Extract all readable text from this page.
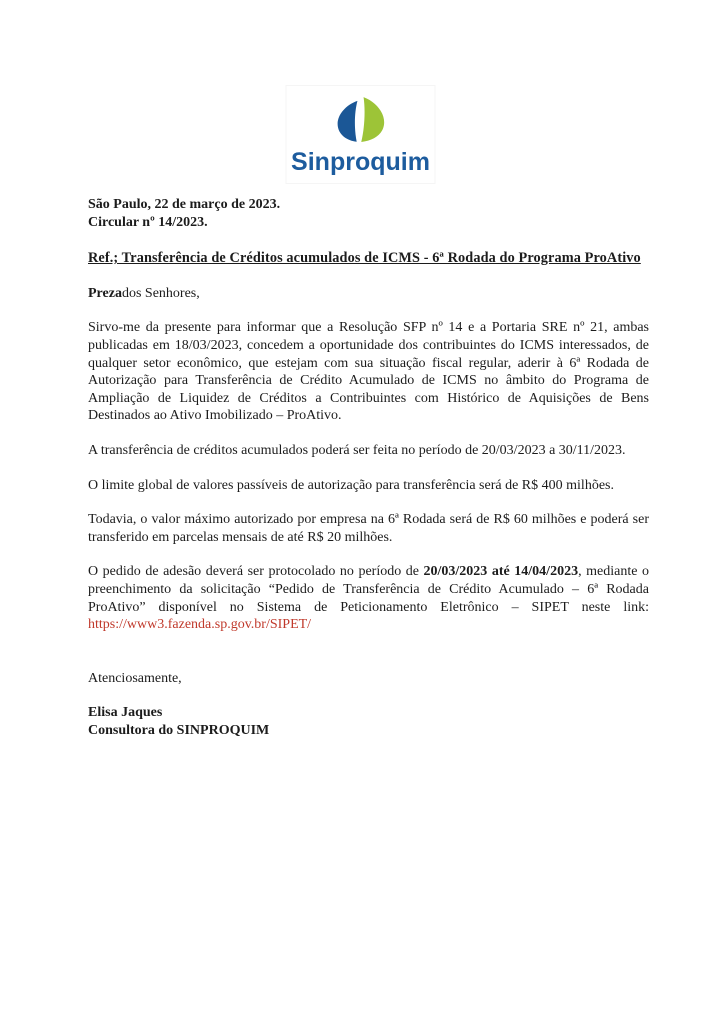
Sinproquim

São Paulo, 22 de março de 2023.

Circular nº 14/2023.

Ref.; Transferência de Créditos acumulados de ICMS - 6ª Rodada do Programa ProAtivo

Prezados Senhores,

Sirvo-me da presente para informar que a Resolução SFP nº 14 e a Portaria SRE nº 21, ambas publicadas em 18/03/2023, concedem a oportunidade dos contribuintes do ICMS interessados, de qualquer setor econômico, que estejam com sua situação fiscal regular, aderir à 6ª Rodada de Autorização para Transferência de Crédito Acumulado de ICMS no âmbito do Programa de Ampliação de Liquidez de Créditos a Contribuintes com Histórico de Aquisições de Bens Destinados ao Ativo Imobilizado – ProAtivo.

A transferência de créditos acumulados poderá ser feita no período de 20/03/2023 a 30/11/2023.

O limite global de valores passíveis de autorização para transferência será de R$ 400 milhões.

Todavia, o valor máximo autorizado por empresa na 6ª Rodada será de R$ 60 milhões e poderá ser transferido em parcelas mensais de até R$ 20 milhões.

O pedido de adesão deverá ser protocolado no período de 20/03/2023 até 14/04/2023, mediante o preenchimento da solicitação “Pedido de Transferência de Crédito Acumulado – 6ª Rodada ProAtivo” disponível no Sistema de Peticionamento Eletrônico – SIPET neste link: https://www3.fazenda.sp.gov.br/SIPET/

Atenciosamente,

Elisa Jaques

Consultora do SINPROQUIM
